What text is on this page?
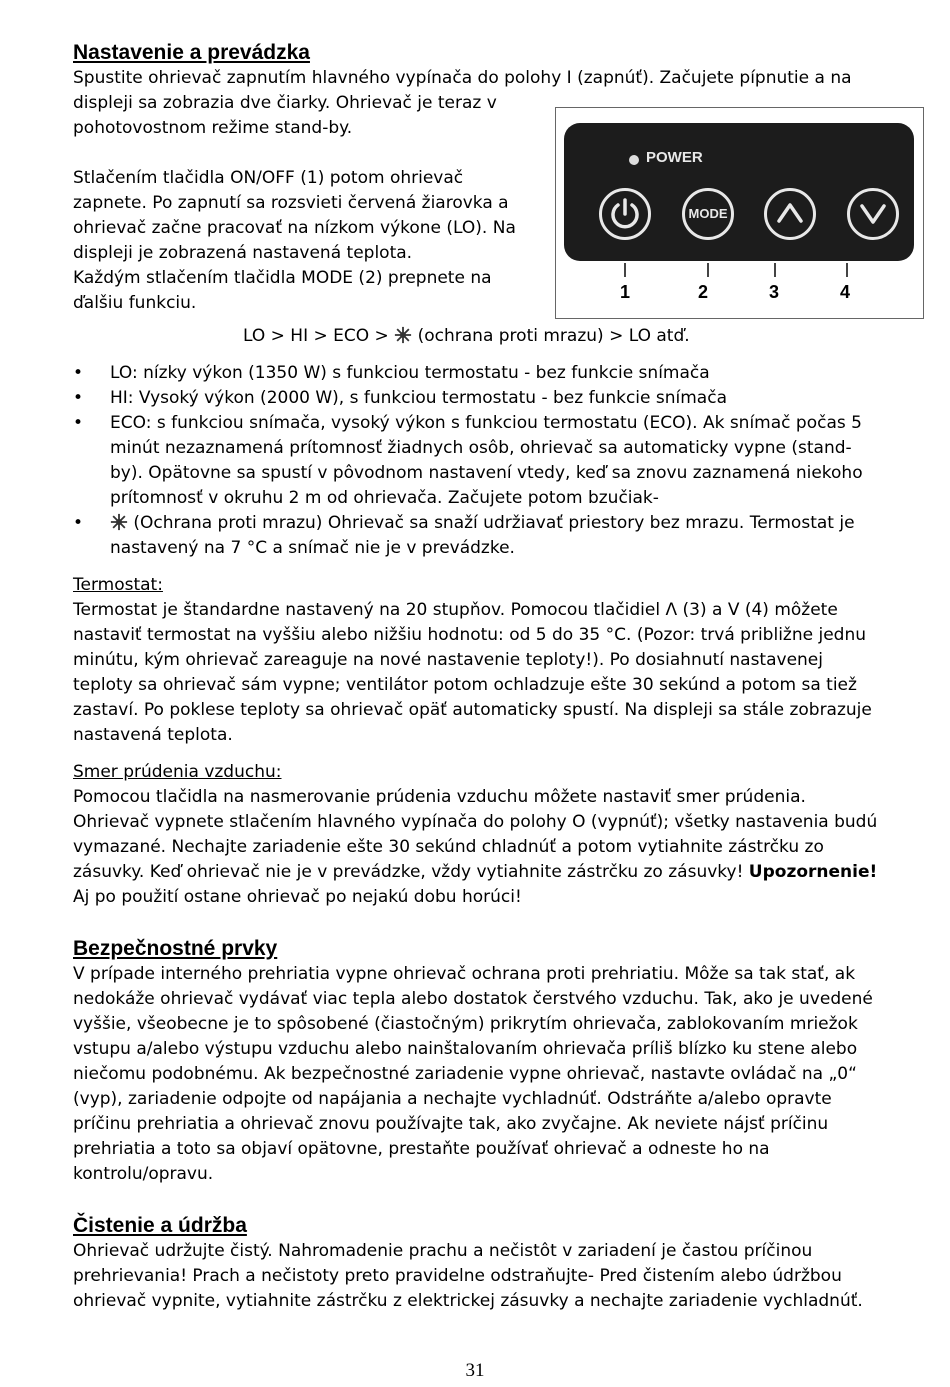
Nastavenie a prevádzka

Spustite ohrievač zapnutím hlavného vypínača do polohy I (zapnúť). Začujete pípnutie a na

displeji sa zobrazia dve čiarky. Ohrievač je teraz v
pohotovostnom režime stand-by.
Stlačením tlačidla ON/OFF (1) potom ohrievač
zapnete. Po zapnutí sa rozsvieti červená žiarovka a
ohrievač začne pracovať na nízkom výkone (LO). Na
displeji je zobrazená nastavená teplota.
Každým stlačením tlačidla MODE (2) prepnete na
ďalšiu funkciu.

LO > HI > ECO >  (ochrana proti mrazu) > LO atď.

• LO: nízky výkon (1350 W) s funkciou termostatu - bez funkcie snímača
• HI: Vysoký výkon (2000 W), s funkciou termostatu - bez funkcie snímača
• ECO: s funkciou snímača, vysoký výkon s funkciou termostatu (ECO). Ak snímač počas 5 minút nezaznamená prítomnosť žiadnych osôb, ohrievač sa automaticky vypne (stand-by). Opätovne sa spustí v pôvodnom nastavení vtedy, keď sa znovu zaznamená niekoho prítomnosť v okruhu 2 m od ohrievača. Začujete potom bzučiak-
• (Ochrana proti mrazu) Ohrievač sa snaží udržiavať priestory bez mrazu. Termostat je nastavený na 7 °C a snímač nie je v prevádzke.

Termostat:

Termostat je štandardne nastavený na 20 stupňov. Pomocou tlačidiel Λ (3) a V (4) môžete nastaviť termostat na vyššiu alebo nižšiu hodnotu: od 5 do 35 °C. (Pozor: trvá približne jednu minútu, kým ohrievač zareaguje na nové nastavenie teploty!). Po dosiahnutí nastavenej teploty sa ohrievač sám vypne; ventilátor potom ochladzuje ešte 30 sekúnd a potom sa tiež zastaví. Po poklese teploty sa ohrievač opäť automaticky spustí. Na displeji sa stále zobrazuje nastavená teplota.

Smer prúdenia vzduchu:

Pomocou tlačidla na nasmerovanie prúdenia vzduchu môžete nastaviť smer prúdenia. Ohrievač vypnete stlačením hlavného vypínača do polohy O (vypnúť); všetky nastavenia budú vymazané. Nechajte zariadenie ešte 30 sekúnd chladnúť a potom vytiahnite zástrčku zo zásuvky. Keď ohrievač nie je v prevádzke, vždy vytiahnite zástrčku zo zásuvky! Upozornenie! Aj po použití ostane ohrievač po nejakú dobu horúci!

Bezpečnostné prvky

V prípade interného prehriatia vypne ohrievač ochrana proti prehriatiu. Môže sa tak stať, ak nedokáže ohrievač vydávať viac tepla alebo dostatok čerstvého vzduchu. Tak, ako je uvedené vyššie, všeobecne je to spôsobené (čiastočným) prikrytím ohrievača, zablokovaním mriežok vstupu a/alebo výstupu vzduchu alebo nainštalovaním ohrievača príliš blízko ku stene alebo niečomu podobnému. Ak bezpečnostné zariadenie vypne ohrievač, nastavte ovládač na „0“ (vyp), zariadenie odpojte od napájania a nechajte vychladnúť. Odstráňte a/alebo opravte príčinu prehriatia a ohrievač znovu používajte tak, ako zvyčajne. Ak neviete nájsť príčinu prehriatia a toto sa objaví opätovne, prestaňte používať ohrievač a odneste ho na kontrolu/opravu.

Čistenie a údržba

Ohrievač udržujte čistý. Nahromadenie prachu a nečistôt v zariadení je častou príčinou prehrievania! Prach a nečistoty preto pravidelne odstraňujte- Pred čistením alebo údržbou ohrievač vypnite, vytiahnite zástrčku z elektrickej zásuvky a nechajte zariadenie vychladnúť.

POWER
MODE
1	2	3	4
31
